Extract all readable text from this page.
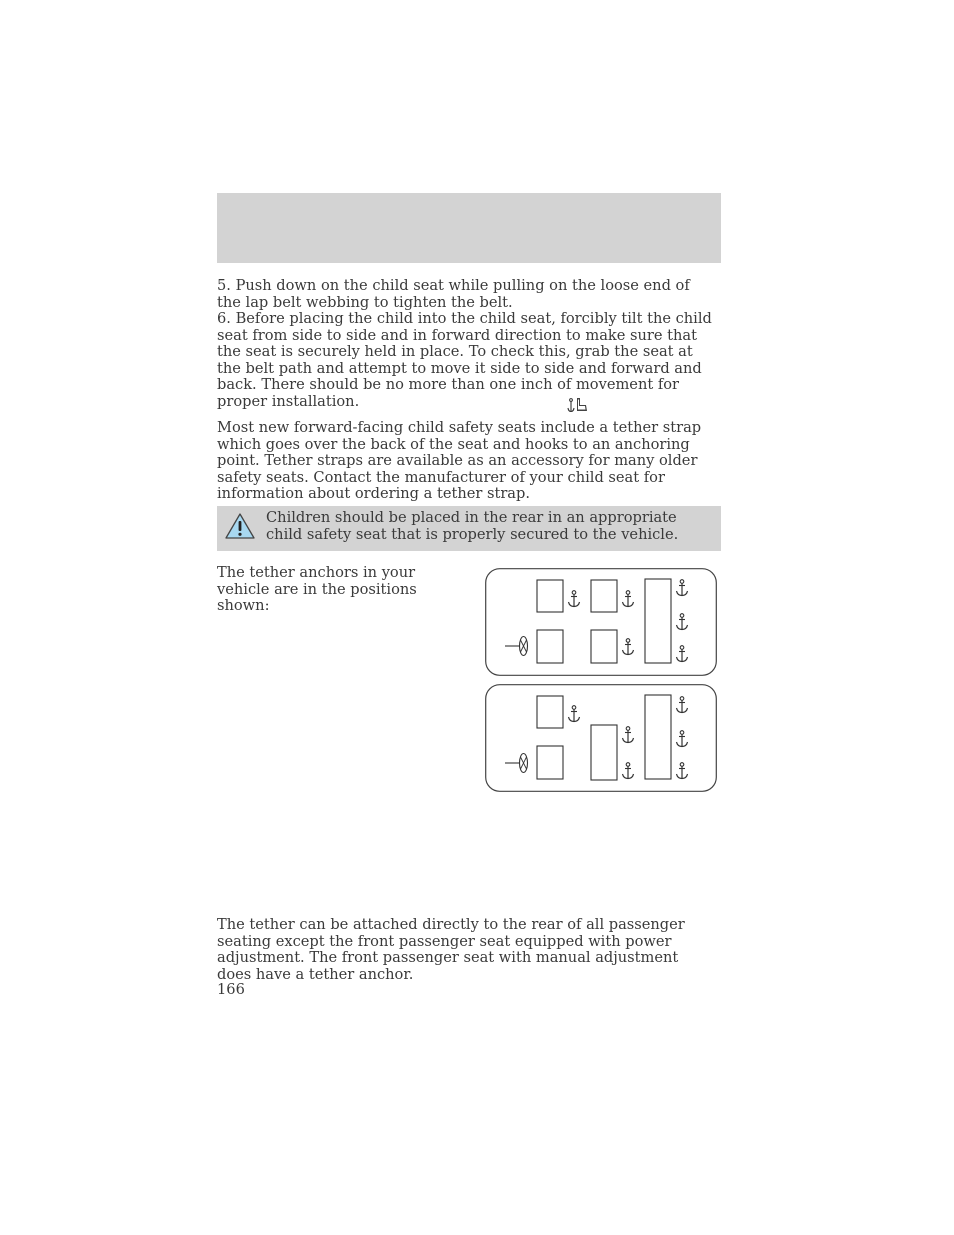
5. Push down on the child seat while pulling on the loose end of the lap belt webbing to tighten the belt.

6. Before placing the child into the child seat, forcibly tilt the child seat from side to side and in forward direction to make sure that the seat is securely held in place. To check this, grab the seat at the belt path and attempt to move it side to side and forward and back. There should be no more than one inch of movement for proper installation.

Most new forward-facing child safety seats include a tether strap which goes over the back of the seat and hooks to an anchoring point. Tether straps are available as an accessory for many older safety seats. Contact the manufacturer of your child seat for information about ordering a tether strap.

Children should be placed in the rear in an appropriate child safety seat that is properly secured to the vehicle.

The tether anchors in your vehicle are in the positions shown:

The tether can be attached directly to the rear of all passenger seating except the front passenger seat equipped with power adjustment. The front passenger seat with manual adjustment does have a tether anchor.

166
